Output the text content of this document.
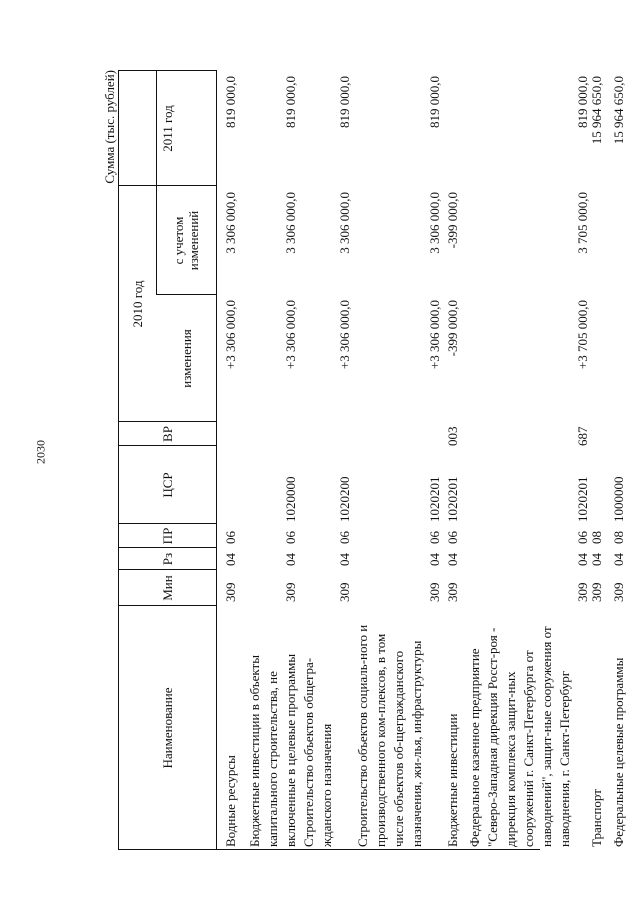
2030
Сумма (тыс. рублей)
Наименование
Мин
Рз
ПР
ЦСР
ВР
2010 год
изменения
с учетом изменений
2011 год
Водные ресурсы
309
04
06
+3 306 000,0
3 306 000,0
819 000,0
Бюджетные инвестиции в объекты капитального строительства, не включенные в целевые программы
309
04
06
1020000
+3 306 000,0
3 306 000,0
819 000,0
Строительство объектов общегра-жданского назначения
309
04
06
1020200
+3 306 000,0
3 306 000,0
819 000,0
Строительство объектов социаль-ного и производственного ком-плексов, в том числе объектов об-щегражданского назначения, жи-лья, инфраструктуры
309
04
06
1020201
+3 306 000,0
3 306 000,0
819 000,0
Бюджетные инвестиции
309
04
06
1020201
003
-399 000,0
-399 000,0
Федеральное казенное предприятие "Северо-Западная дирекция Росст-роя - дирекция комплекса защит-ных сооружений г. Санкт-Петербурга от наводнений", защит-ные сооружения от наводнения, г. Санкт-Петербург
309
04
06
1020201
687
+3 705 000,0
3 705 000,0
819 000,0
Транспорт
309
04
08
15 964 650,0
Федеральные целевые программы
309
04
08
1000000
15 964 650,0
